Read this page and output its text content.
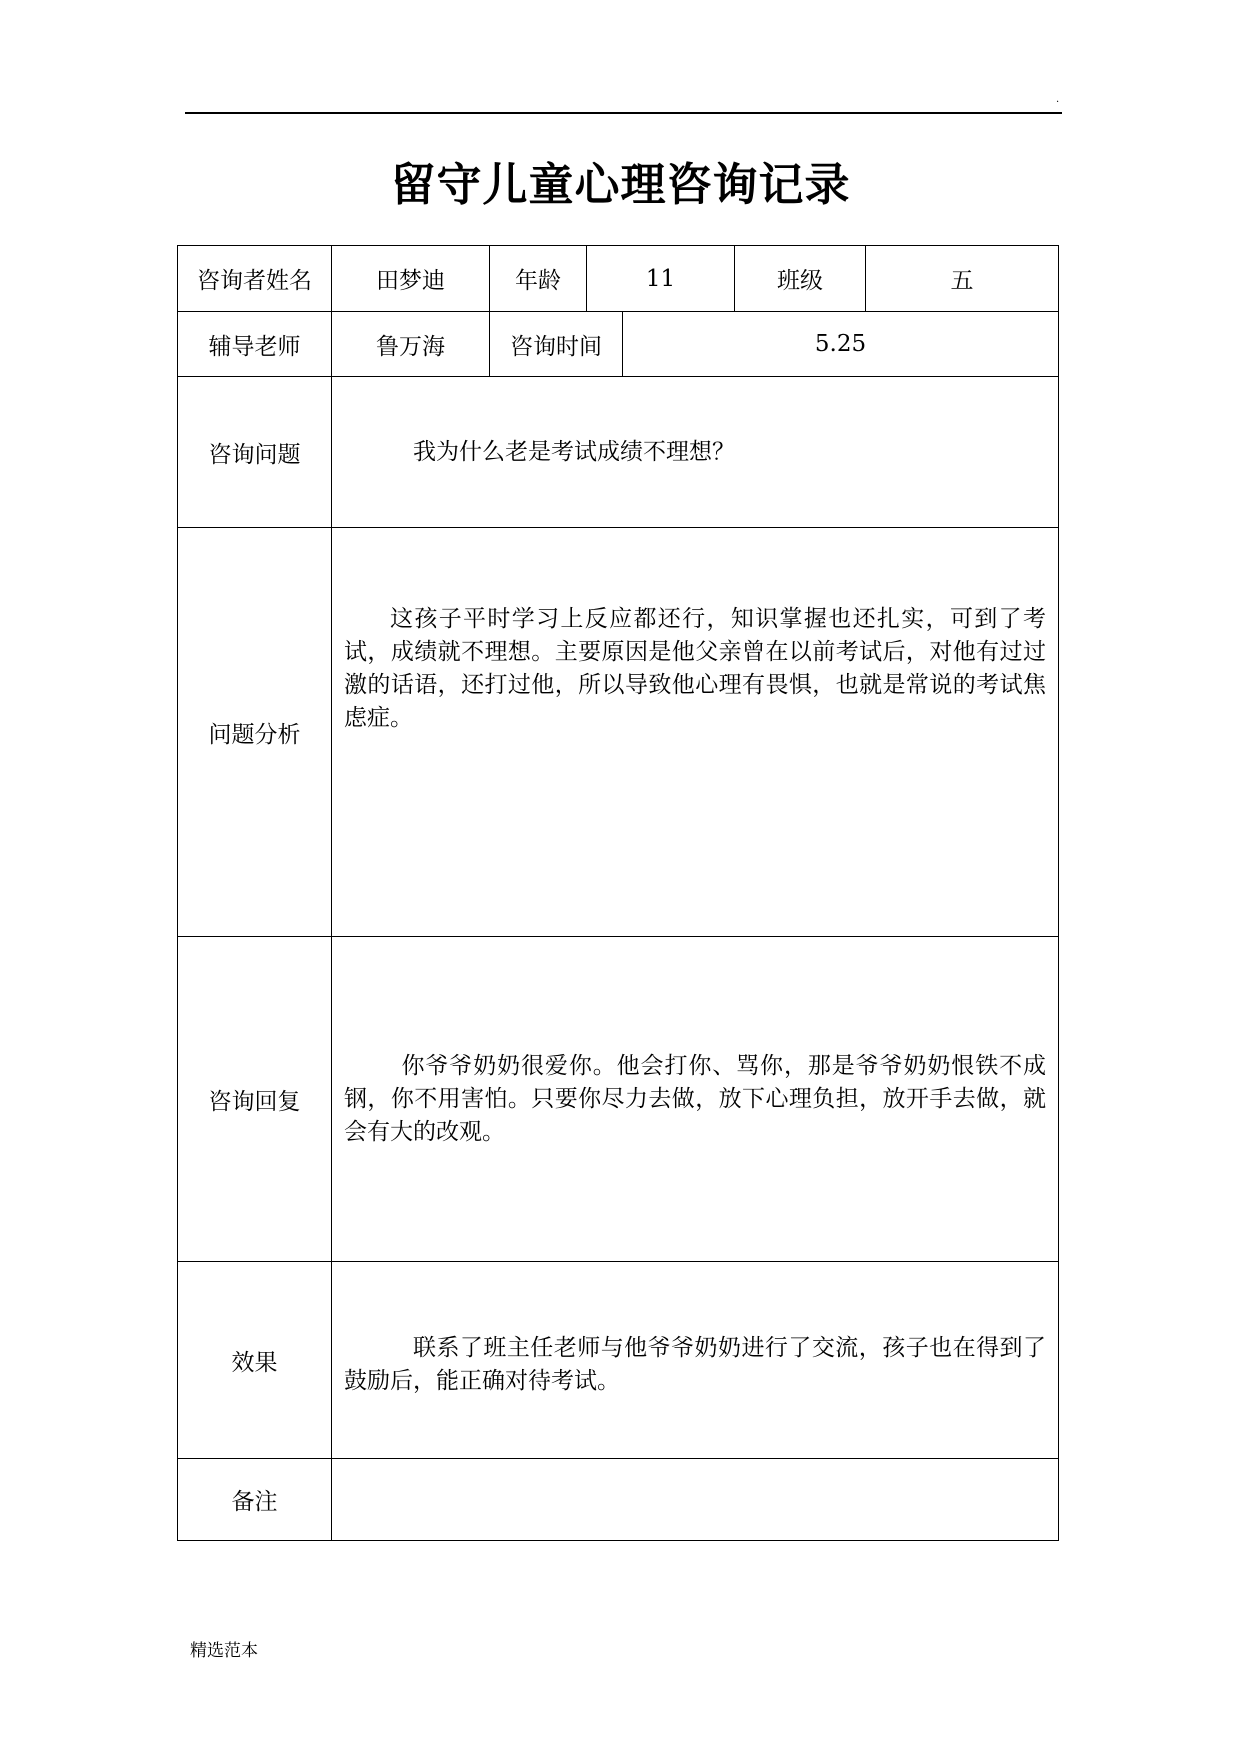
.
留守儿童心理咨询记录
咨询者姓名	田梦迪	年龄	11		班级	五
辅导老师	鲁万海	咨询时间		5.25		
咨询问题	我为什么老是考试成绩不理想？					

问题分析	这孩子平时学习上反应都还行，知识掌握也还扎实，可到了考试，成绩就不理想。主要原因是他父亲曾在以前考试后，对他有过过激的话语，还打过他，所以导致他心理有畏惧，也就是常说的考试焦虑症。					

咨询回复	你爷爷奶奶很爱你。他会打你、骂你，那是爷爷奶奶恨铁不成钢，你不用害怕。只要你尽力去做，放下心理负担，放开手去做，就会有大的改观。					

效果	联系了班主任老师与他爷爷奶奶进行了交流，孩子也在得到了鼓励后，能正确对待考试。					

备注						
精选范本
